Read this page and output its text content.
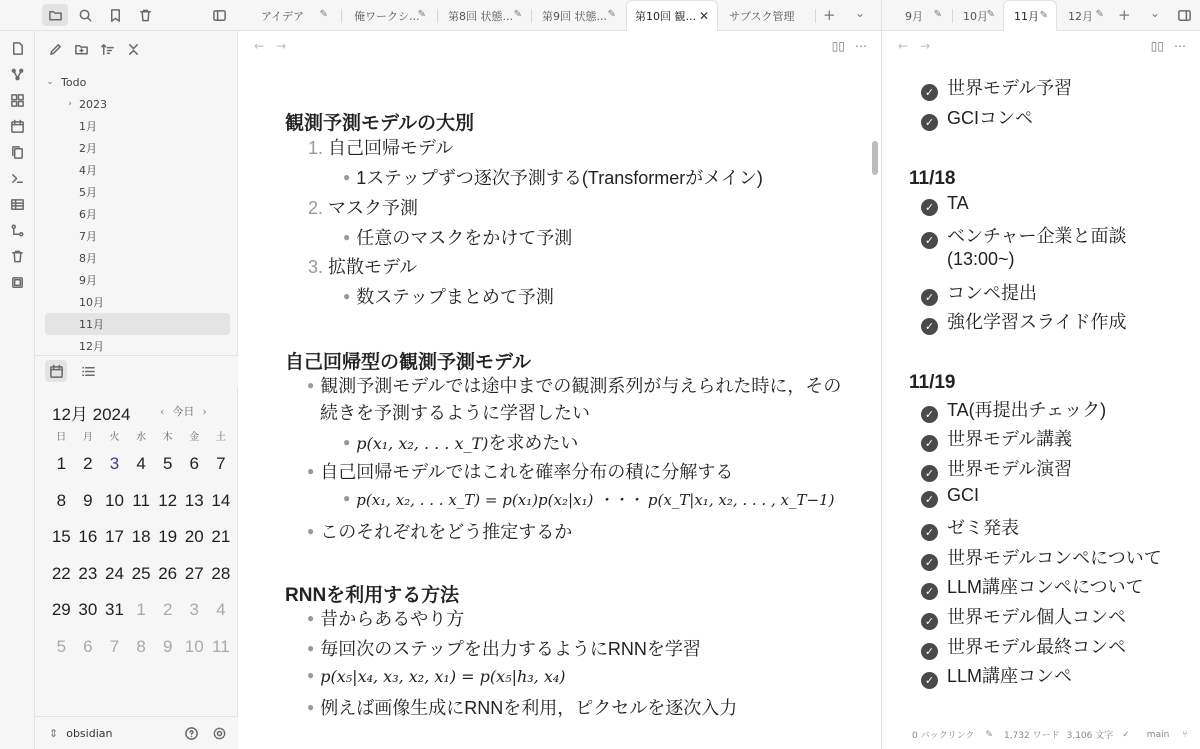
⌄ Todo
› 2023
1月
2月
4月
5月
6月
7月
8月
9月
10月
11月
12月
12月 2024	‹ 今日 ›
日	月	火	水	木	金	土
1	2	3	4	5	6	7
8	9 10 11 12 13 14
15 16 17 18 19 20 21
22 23 24 25 26 27 28
29 30 31 1	2	3	4
5	6	7	8	9 10 11
⇕ obsidian
アイデア ✎ 俺ワークシ...
✎ 第8回 状態... ✎ 第9回 状態... ✎ 第10回 観... ✕ サブスク管理 + ⌄
← →	▯▯ ⋯
観測予測モデルの大別
1. 自己回帰モデル
● 1ステップずつ逐次予測する(Transformerがメイン)
2. マスク予測
● 任意のマスクをかけて予測
3. 拡散モデル
● 数ステップまとめて予測
自己回帰型の観測予測モデル
● 観測予測モデルでは途中までの観測系列が与えられた時に，その
続きを予測するように学習したい
● p(x₁, x₂, . . . x_T)を求めたい
● 自己回帰モデルではこれを確率分布の積に分解する
● p(x₁, x₂, . . . x_T) = p(x₁)p(x₂|x₁) ・・・ p(x_T|x₁, x₂, . . . , x_T−1)
● このそれぞれをどう推定するか
RNNを利用する方法
● 昔からあるやり方
● 毎回次のステップを出力するようにRNNを学習
● p(x₅|x₄, x₃, x₂, x₁) = p(x₅|h₃, x₄)
● 例えば画像生成にRNNを利用，ピクセルを逐次入力
9月 ✎ 10月
✎ 11月 ✎ 12月 ✎ + ⌄
← →	▯▯ ⋯
✓ 世界モデル予習
✓ GCIコンペ
11/18
✓ TA
✓ ベンチャー企業と面談
(13:00~)
✓ コンペ提出
✓ 強化学習スライド作成
11/19
✓ TA(再提出チェック)
✓ 世界モデル講義
✓ 世界モデル演習
✓ GCI
✓ ゼミ発表
✓ 世界モデルコンペについて
✓ LLM講座コンペについて
✓ 世界モデル個人コンペ
✓ 世界モデル最終コンペ
✓ LLM講座コンペ
0 バックリンク ✎ 1,732 ワード 3,106 文字 ✓ main ⑂
